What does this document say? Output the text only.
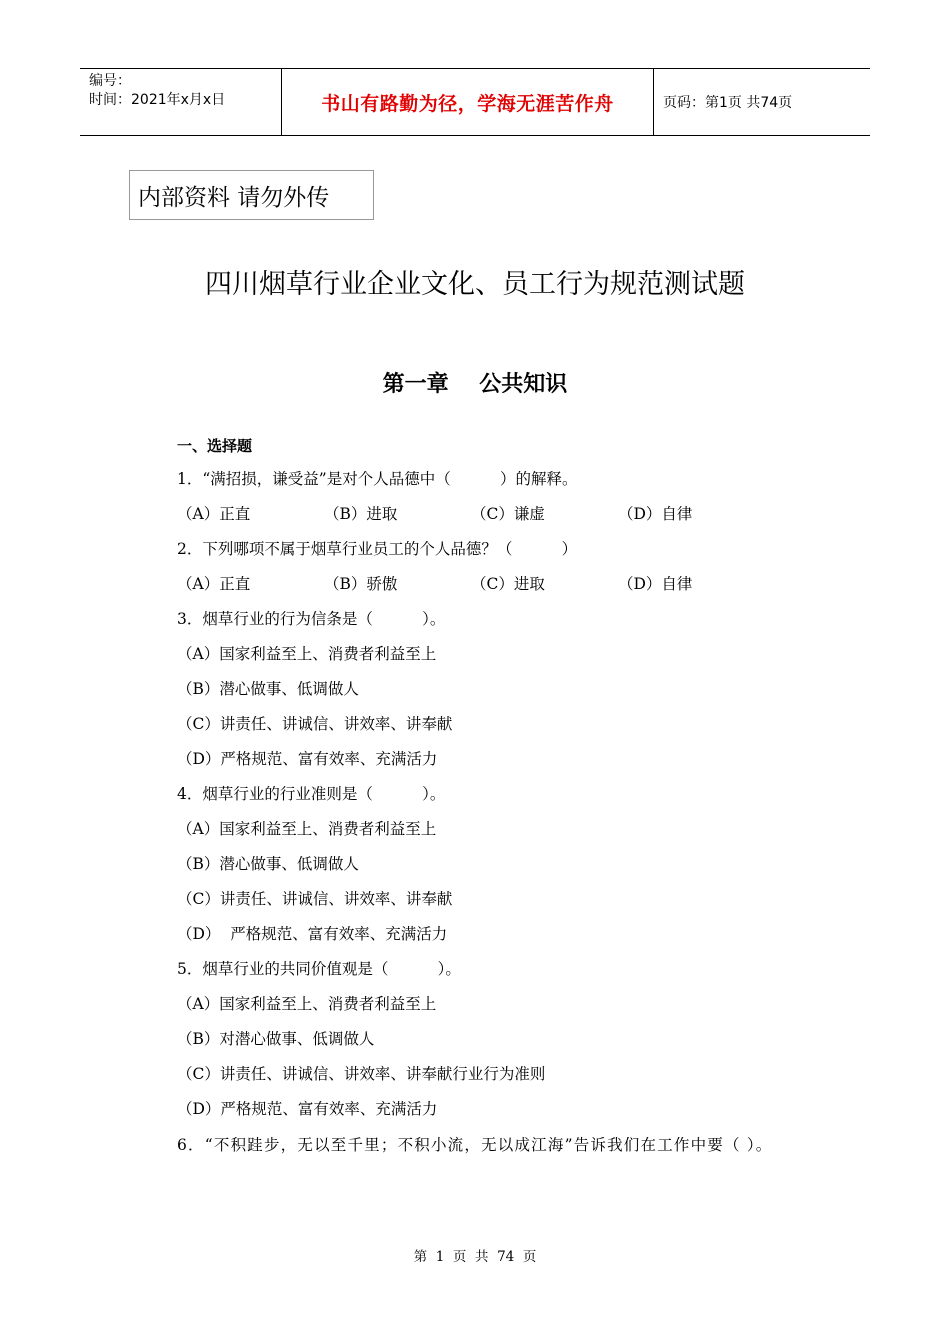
编号：
时间：2021年x月x日	书山有路勤为径，学海无涯苦作舟	页码：第1页 共74页
内部资料 请勿外传
四川烟草行业企业文化、员工行为规范测试题
第一章    公共知识
一、选择题
1．“满招损，谦受益”是对个人品德中（          ）的解释。
（A）正直	（B）进取	（C）谦虚	（D）自律
2．下列哪项不属于烟草行业员工的个人品德？（          ）
（A）正直	（B）骄傲	（C）进取	（D）自律
3．烟草行业的行为信条是（          ）。
（A）国家利益至上、消费者利益至上
（B）潜心做事、低调做人
（C）讲责任、讲诚信、讲效率、讲奉献
（D）严格规范、富有效率、充满活力
4．烟草行业的行业准则是（          ）。
（A）国家利益至上、消费者利益至上
（B）潜心做事、低调做人
（C）讲责任、讲诚信、讲效率、讲奉献
（D）  严格规范、富有效率、充满活力
5．烟草行业的共同价值观是（          ）。
（A）国家利益至上、消费者利益至上
（B）对潜心做事、低调做人
（C）讲责任、讲诚信、讲效率、讲奉献行业行为准则
（D）严格规范、富有效率、充满活力
6．“不积跬步，无以至千里；不积小流，无以成江海”告诉我们在工作中要（ ）。
第  1  页  共  74  页
